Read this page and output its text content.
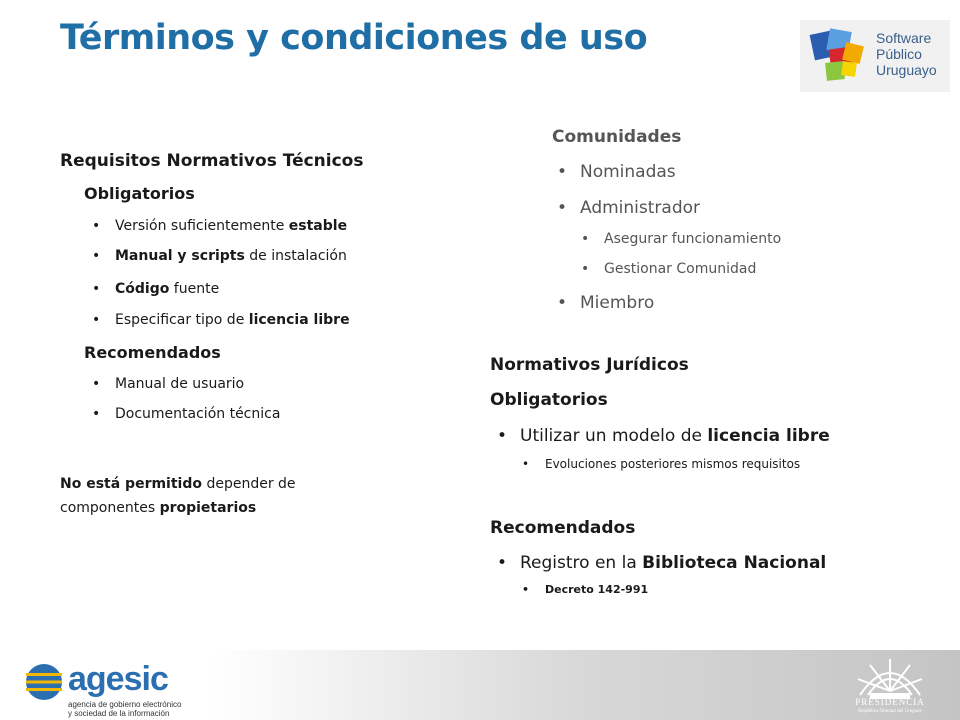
Términos y condiciones de uso	Software
Público
Uruguayo
Requisitos Normativos Técnicos
Obligatorios
• Versión suficientemente estable
• Manual y scripts de instalación
• Código fuente
• Especificar tipo de licencia libre
Recomendados
• Manual de usuario
• Documentación técnica
No está permitido depender de
componentes propietarios
Comunidades
• Nominadas
• Administrador
• Asegurar funcionamiento
• Gestionar Comunidad
• Miembro
Normativos Jurídicos
Obligatorios
• Utilizar un modelo de licencia libre
• Evoluciones posteriores mismos requisitos
Recomendados
• Registro en la Biblioteca Nacional
• Decreto 142-991
agesic
agencia de gobierno electrónico
y sociedad de la información
PRESIDENCIA
República Oriental del Uruguay
